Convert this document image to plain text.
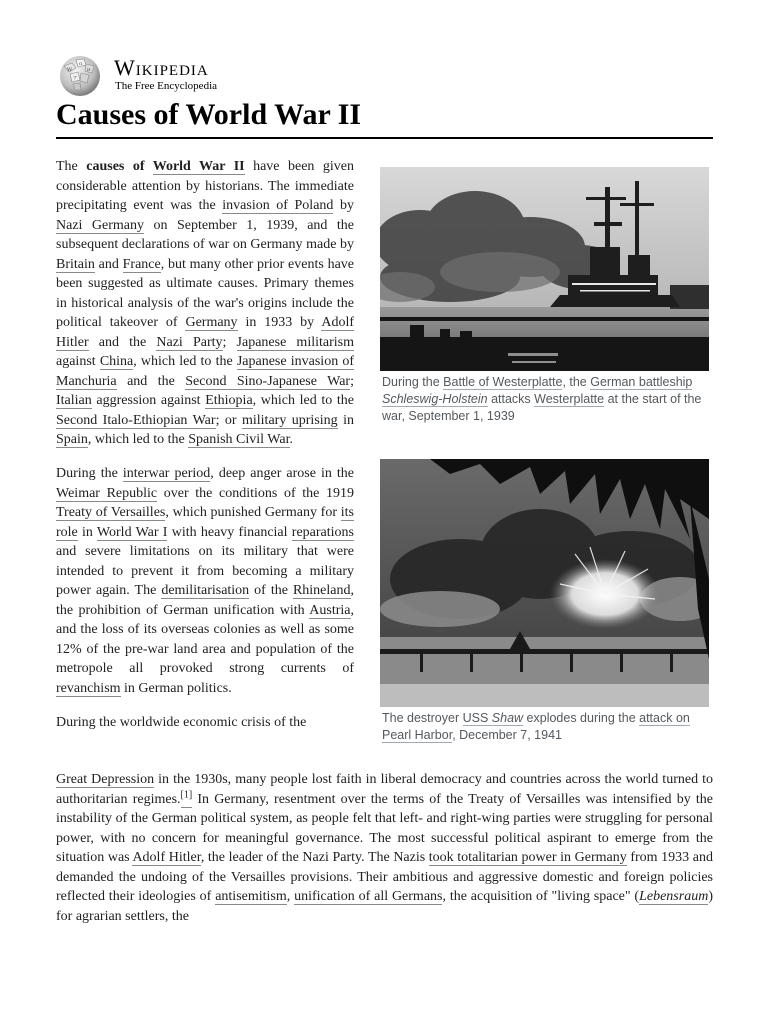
W
Ω
И
ア Wikipedia
The Free Encyclopedia
Causes of World War II

The causes of World War II have been given considerable attention by historians. The immediate precipitating event was the invasion of Poland by Nazi Germany on September 1, 1939, and the subsequent declarations of war on Germany made by Britain and France, but many other prior events have been suggested as ultimate causes. Primary themes in historical analysis of the war's origins include the political takeover of Germany in 1933 by Adolf Hitler and the Nazi Party; Japanese militarism against China, which led to the Japanese invasion of Manchuria and the Second Sino-Japanese War; Italian aggression against Ethiopia, which led to the Second Italo-Ethiopian War; or military uprising in Spain, which led to the Spanish Civil War.

During the interwar period, deep anger arose in the Weimar Republic over the conditions of the 1919 Treaty of Versailles, which punished Germany for its role in World War I with heavy financial reparations and severe limitations on its military that were intended to prevent it from becoming a military power again. The demilitarisation of the Rhineland, the prohibition of German unification with Austria, and the loss of its overseas colonies as well as some 12% of the pre-war land area and population of the metropole all provoked strong currents of revanchism in German politics.

During the worldwide economic crisis of the

Great Depression in the 1930s, many people lost faith in liberal democracy and countries across the world turned to authoritarian regimes.[1] In Germany, resentment over the terms of the Treaty of Versailles was intensified by the instability of the German political system, as people felt that left- and right-wing parties were struggling for personal power, with no concern for meaningful governance. The most successful political aspirant to emerge from the situation was Adolf Hitler, the leader of the Nazi Party. The Nazis took totalitarian power in Germany from 1933 and demanded the undoing of the Versailles provisions. Their ambitious and aggressive domestic and foreign policies reflected their ideologies of antisemitism, unification of all Germans, the acquisition of "living space" (Lebensraum) for agrarian settlers, the

During the Battle of Westerplatte, the German battleship Schleswig-Holstein attacks Westerplatte at the start of the war, September 1, 1939
The destroyer USS Shaw explodes during the attack on Pearl Harbor, December 7, 1941
